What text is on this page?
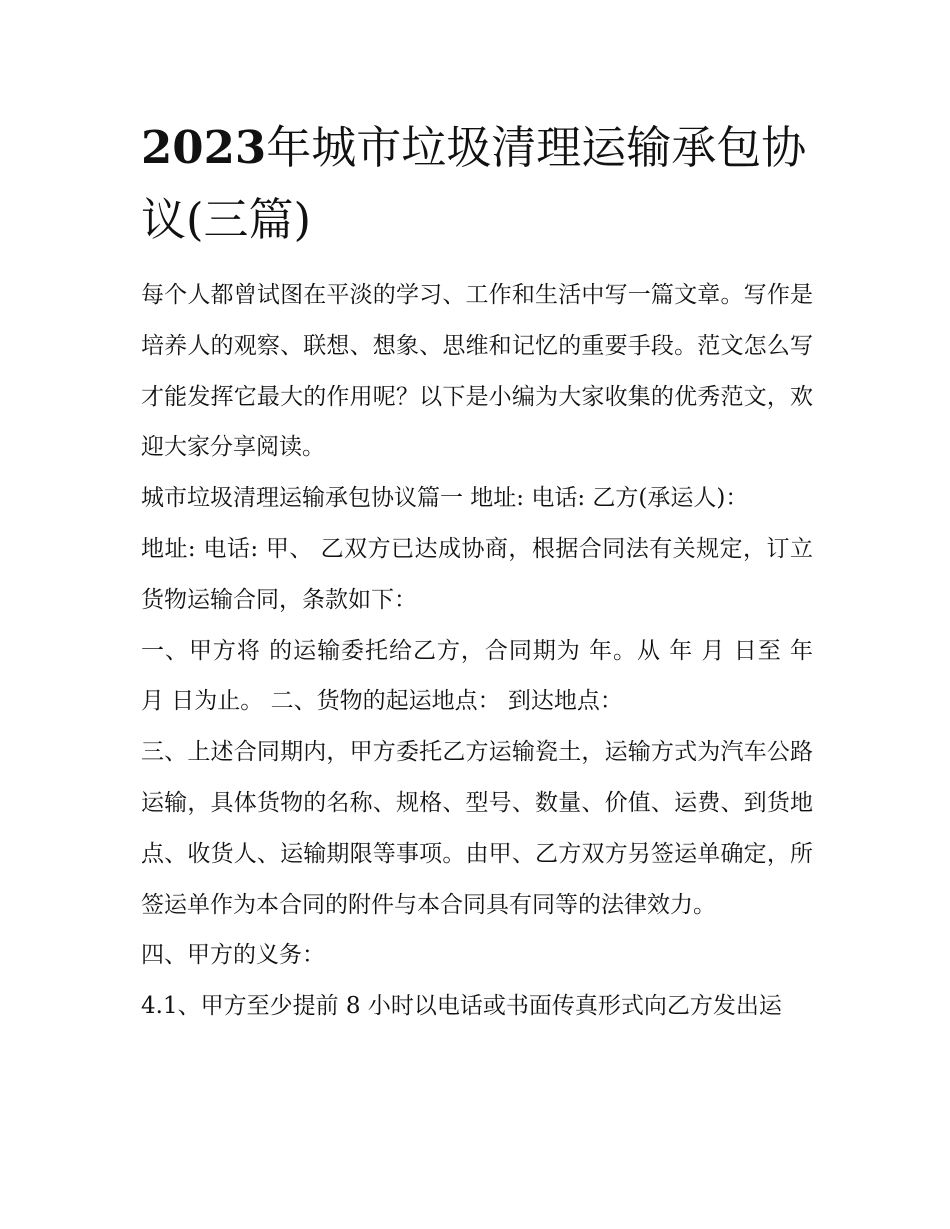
2023年城市垃圾清理运输承包协议(三篇)

每个人都曾试图在平淡的学习、工作和生活中写一篇文章。写作是培养人的观察、联想、想象、思维和记忆的重要手段。范文怎么写才能发挥它最大的作用呢？以下是小编为大家收集的优秀范文，欢迎大家分享阅读。

城市垃圾清理运输承包协议篇一 地址: 电话: 乙方(承运人)：

地址: 电话: 甲、 乙双方已达成协商，根据合同法有关规定，订立货物运输合同，条款如下：

一、甲方将 的运输委托给乙方，合同期为 年。从 年 月 日至 年 月 日为止。 二、货物的起运地点： 到达地点：

三、上述合同期内，甲方委托乙方运输瓷土，运输方式为汽车公路运输，具体货物的名称、规格、型号、数量、价值、运费、到货地点、收货人、运输期限等事项。由甲、乙方双方另签运单确定，所签运单作为本合同的附件与本合同具有同等的法律效力。

四、甲方的义务：

4.1、甲方至少提前 8 小时以电话或书面传真形式向乙方发出运
